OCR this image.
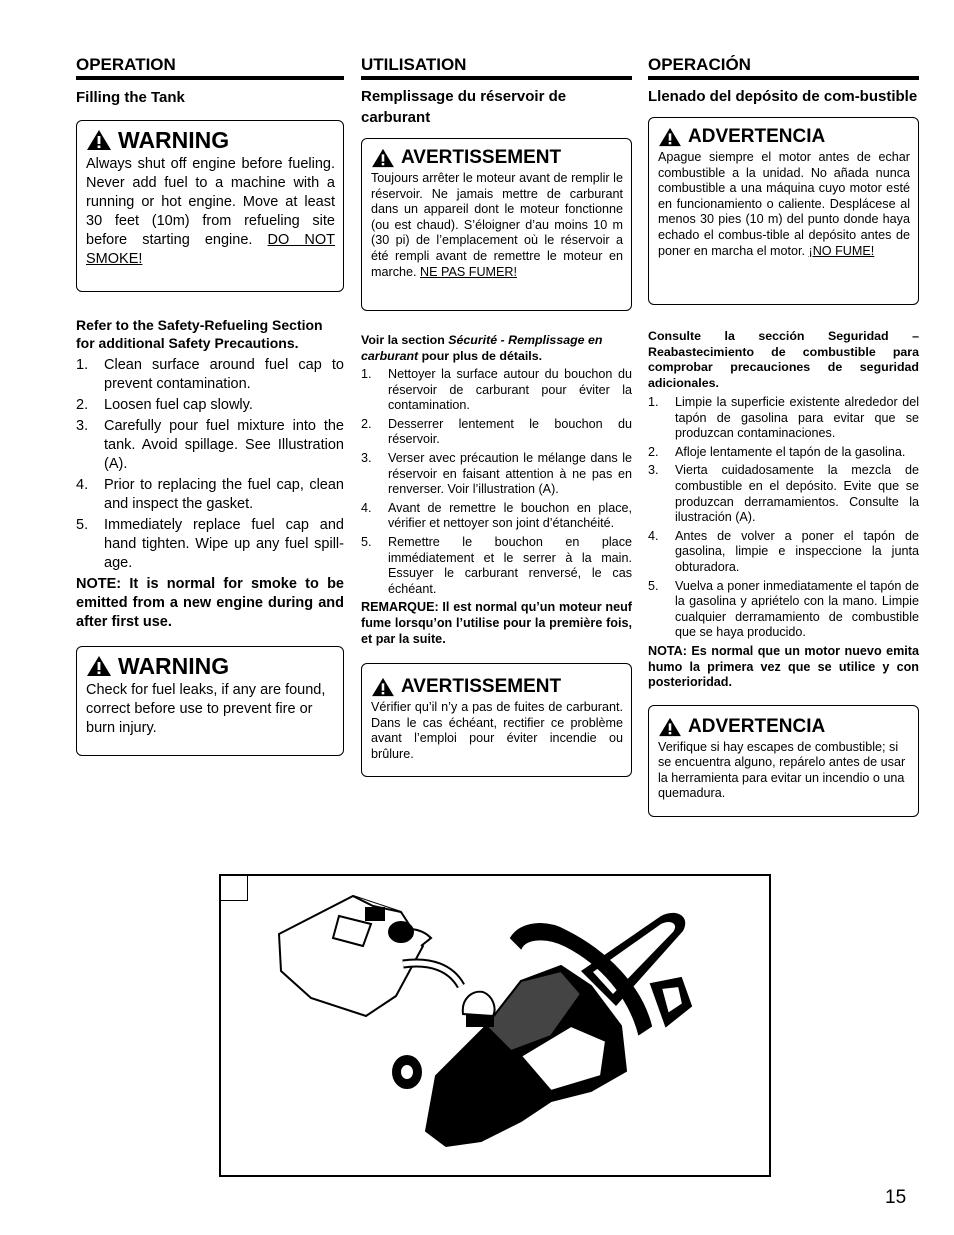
OPERATION
Filling the Tank
WARNING
Always shut off engine before fueling. Never add fuel to a machine with a running or hot engine. Move at least 30 feet (10m) from refueling site before starting engine. DO NOT SMOKE!
Refer to the Safety-Refueling Section for additional Safety Precautions.
1.	Clean surface around fuel cap to prevent contamination.
2.	Loosen fuel cap slowly.
3.	Carefully pour fuel mixture into the tank. Avoid spillage. See Illustration (A).
4.	Prior to replacing the fuel cap, clean and inspect the gasket.
5.	Immediately replace fuel cap and hand tighten. Wipe up any fuel spill-age.
NOTE: It is normal for smoke to be emitted from a new engine during and after first use.
WARNING
Check for fuel leaks, if any are found, correct before use to prevent fire or burn injury.
UTILISATION
Remplissage du réservoir de carburant
AVERTISSEMENT
Toujours arrêter le moteur avant de remplir le réservoir. Ne jamais mettre de carburant dans un appareil dont le moteur fonctionne (ou est chaud). S’éloigner d’au moins 10 m (30 pi) de l’emplacement où le réservoir a été rempli avant de remettre le moteur en marche. NE PAS FUMER!
Voir la section Sécurité - Remplissage en carburant pour plus de détails.
1.	Nettoyer la surface autour du bouchon du réservoir de carburant pour éviter la contamination.
2.	Desserrer lentement le bouchon du réservoir.
3.	Verser avec précaution le mélange dans le réservoir en faisant attention à ne pas en renverser. Voir l’illustration (A).
4.	Avant de remettre le bouchon en place, vérifier et nettoyer son joint d’étanchéité.
5.	Remettre le bouchon en place immédiatement et le serrer à la main. Essuyer le carburant renversé, le cas échéant.
REMARQUE: Il est normal qu’un moteur neuf fume lorsqu’on l’utilise pour la première fois, et par la suite.
AVERTISSEMENT
Vérifier qu’il n’y a pas de fuites de carburant. Dans le cas échéant, rectifier ce problème avant l’emploi pour éviter incendie ou brûlure.
OPERACIÓN
Llenado del depósito de com-bustible
ADVERTENCIA
Apague siempre el motor antes de echar combustible a la unidad. No añada nunca combustible a una máquina cuyo motor esté en funcionamiento o caliente. Desplácese al menos 30 pies (10 m) del punto donde haya echado el combus-tible al depósito antes de poner en marcha el motor. ¡NO FUME!
Consulte la sección Seguridad – Reabastecimiento de combustible para comprobar precauciones de seguridad adicionales.
1.	Limpie la superficie existente alrededor del tapón de gasolina para evitar que se produzcan contaminaciones.
2.	Afloje lentamente el tapón de la gasolina.
3.	Vierta cuidadosamente la mezcla de combustible en el depósito. Evite que se produzcan derramamientos. Consulte la ilustración (A).
4.	Antes de volver a poner el tapón de gasolina, limpie e inspeccione la junta obturadora.
5.	Vuelva a poner inmediatamente el tapón de la gasolina y apriételo con la mano. Limpie cualquier derramamiento de combustible que se haya producido.
NOTA: Es normal que un motor nuevo emita humo la primera vez que se utilice y con posterioridad.
ADVERTENCIA
Verifique si hay escapes de combustible; si se encuentra alguno, repárelo antes de usar la herramienta para evitar un incendio o una quemadura.
15
